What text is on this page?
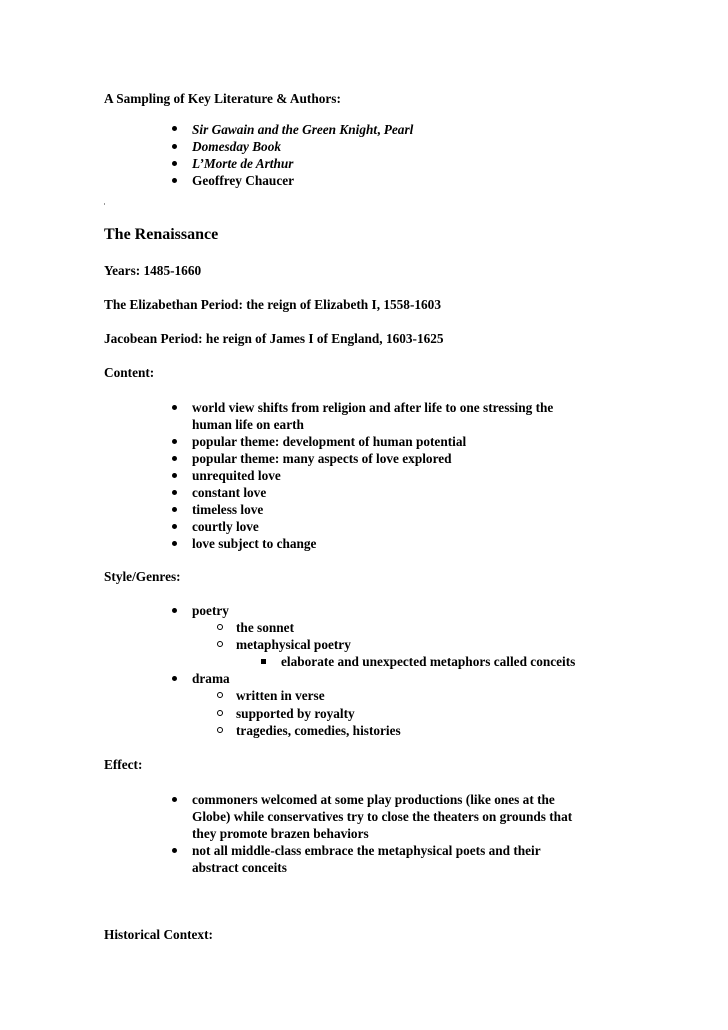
A Sampling of Key Literature & Authors:
Sir Gawain and the Green Knight, Pearl
Domesday Book
L’Morte de Arthur
Geoffrey Chaucer
The Renaissance
Years: 1485-1660
The Elizabethan Period: the reign of Elizabeth I, 1558-1603
Jacobean Period: he reign of James I of England, 1603-1625
Content:
world view shifts from religion and after life to one stressing the
human life on earth
popular theme: development of human potential
popular theme: many aspects of love explored
unrequited love
constant love
timeless love
courtly love
love subject to change
Style/Genres:
poetry
the sonnet
metaphysical poetry
elaborate and unexpected metaphors called conceits
drama
written in verse
supported by royalty
tragedies, comedies, histories
Effect:
commoners welcomed at some play productions (like ones at the
Globe) while conservatives try to close the theaters on grounds that
they promote brazen behaviors
not all middle-class embrace the metaphysical poets and their
abstract conceits
Historical Context:
